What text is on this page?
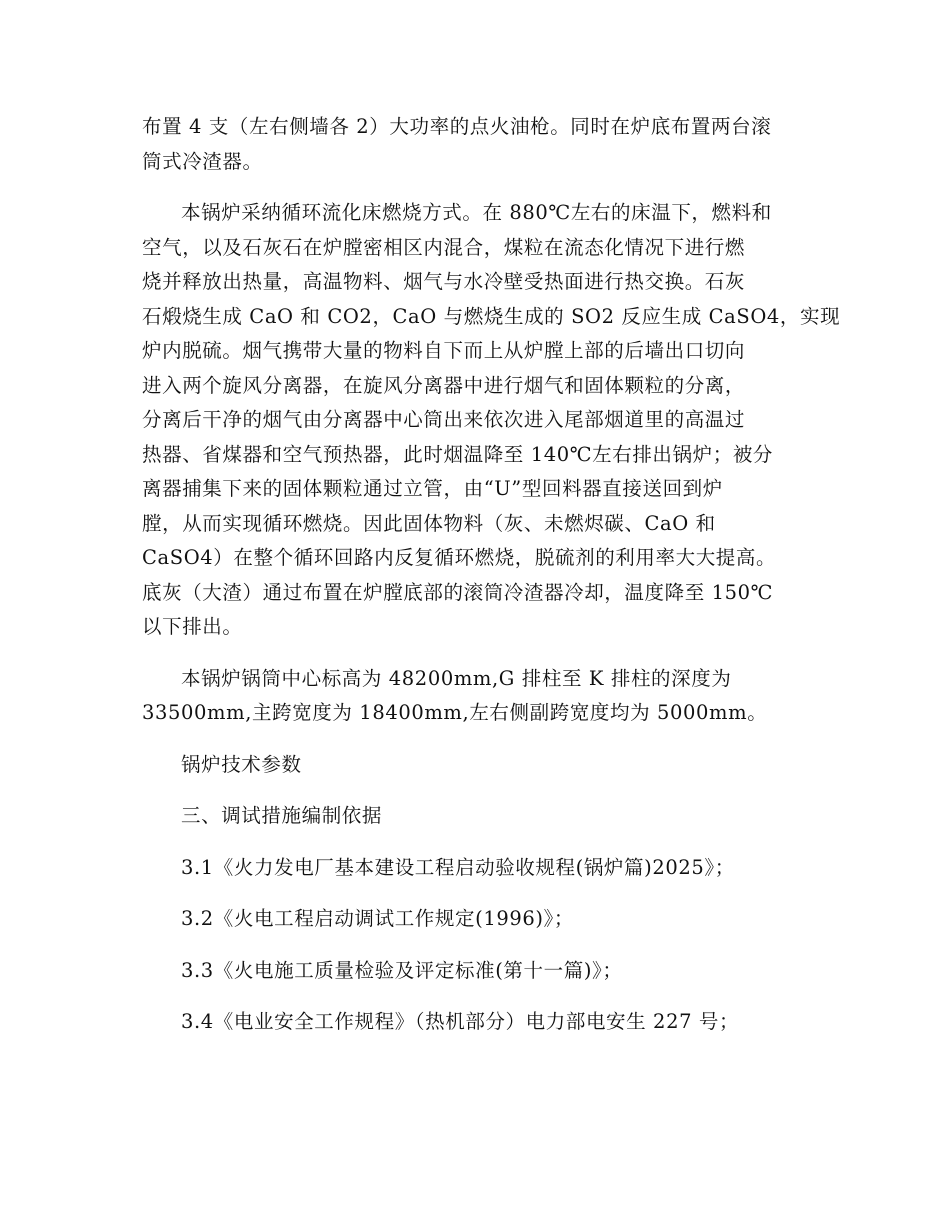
布置 4 支（左右侧墙各 2）大功率的点火油枪。同时在炉底布置两台滚
筒式冷渣器。
本锅炉采纳循环流化床燃烧方式。在 880℃左右的床温下，燃料和
空气，以及石灰石在炉膛密相区内混合，煤粒在流态化情况下进行燃
烧并释放出热量，高温物料、烟气与水冷壁受热面进行热交换。石灰
石煅烧生成 CaO 和 CO2，CaO 与燃烧生成的 SO2 反应生成 CaSO4，实现
炉内脱硫。烟气携带大量的物料自下而上从炉膛上部的后墙出口切向
进入两个旋风分离器，在旋风分离器中进行烟气和固体颗粒的分离，
分离后干净的烟气由分离器中心筒出来依次进入尾部烟道里的高温过
热器、省煤器和空气预热器，此时烟温降至 140℃左右排出锅炉；被分
离器捕集下来的固体颗粒通过立管，由“U”型回料器直接送回到炉
膛，从而实现循环燃烧。因此固体物料（灰、未燃烬碳、CaO 和
CaSO4）在整个循环回路内反复循环燃烧，脱硫剂的利用率大大提高。
底灰（大渣）通过布置在炉膛底部的滚筒冷渣器冷却，温度降至 150℃
以下排出。
本锅炉锅筒中心标高为 48200mm,G 排柱至 K 排柱的深度为
33500mm,主跨宽度为 18400mm,左右侧副跨宽度均为 5000mm。
锅炉技术参数
三、调试措施编制依据
3.1《火力发电厂基本建设工程启动验收规程(锅炉篇)2025》；
3.2《火电工程启动调试工作规定(1996)》；
3.3《火电施工质量检验及评定标准(第十一篇)》；
3.4《电业安全工作规程》（热机部分）电力部电安生 227 号；
